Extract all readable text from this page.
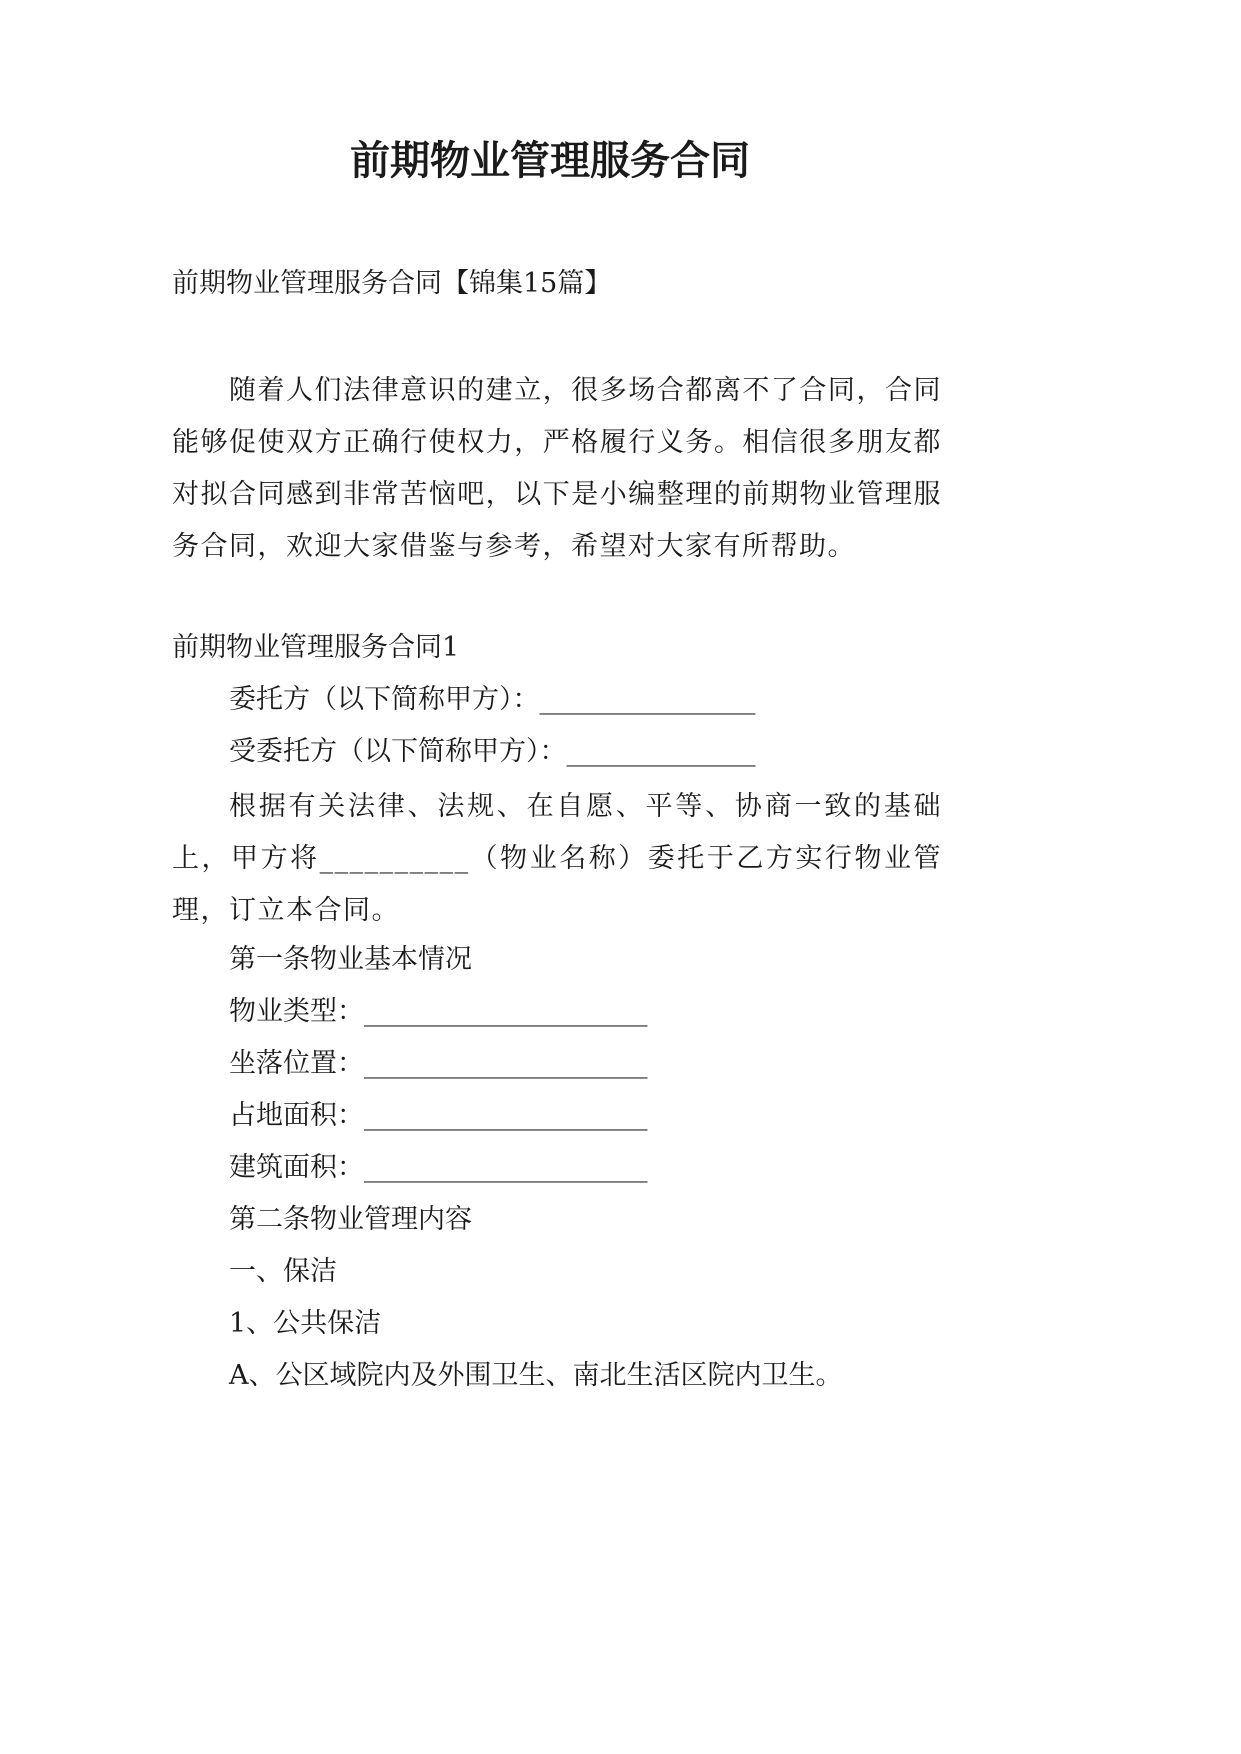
前期物业管理服务合同
前期物业管理服务合同【锦集15篇】
随着人们法律意识的建立，很多场合都离不了合同，合同能够促使双方正确行使权力，严格履行义务。相信很多朋友都对拟合同感到非常苦恼吧，以下是小编整理的前期物业管理服务合同，欢迎大家借鉴与参考，希望对大家有所帮助。
前期物业管理服务合同1
委托方（以下简称甲方）：________________
受委托方（以下简称甲方）：______________
根据有关法律、法规、在自愿、平等、协商一致的基础上，甲方将__________（物业名称）委托于乙方实行物业管理，订立本合同。
第一条物业基本情况
物业类型：_____________________
坐落位置：_____________________
占地面积：_____________________
建筑面积：_____________________
第二条物业管理内容
一、保洁
1、公共保洁
A、公区域院内及外围卫生、南北生活区院内卫生。
